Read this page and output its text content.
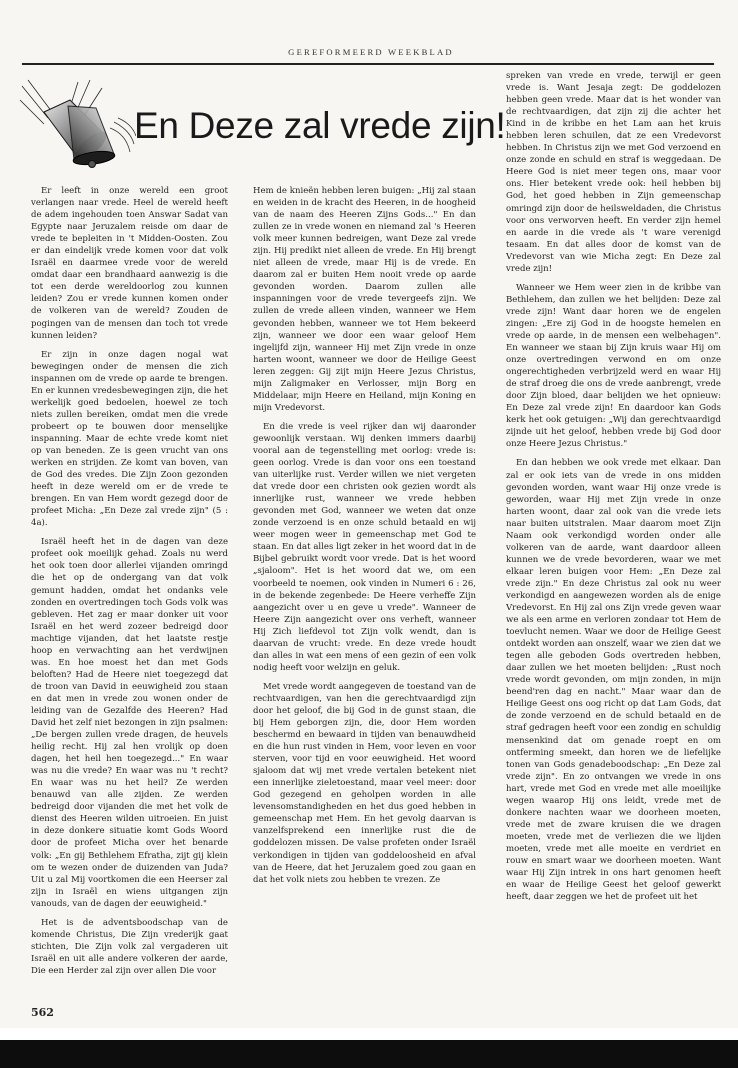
GEREFORMEERD WEEKBLAD
En Deze zal vrede zijn!

Er leeft in onze wereld een groot verlangen naar vrede. Heel de wereld heeft de adem ingehouden toen Answar Sadat van Egypte naar Jeruzalem reisde om daar de vrede te bepleiten in 't Midden-Oosten. Zou er dan eindelijk vrede komen voor dat volk Israël en daarmee vrede voor de wereld omdat daar een brandhaard aanwezig is die tot een derde wereldoorlog zou kunnen leiden? Zou er vrede kunnen komen onder de volkeren van de wereld? Zouden de pogingen van de mensen dan toch tot vrede kunnen leiden?

Er zijn in onze dagen nogal wat bewegingen onder de mensen die zich inspannen om de vrede op aarde te brengen. En er kunnen vredesbewegingen zijn, die het werkelijk goed bedoelen, hoewel ze toch niets zullen bereiken, omdat men die vrede probeert op te bouwen door menselijke inspanning. Maar de echte vrede komt niet op van beneden. Ze is geen vrucht van ons werken en strijden. Ze komt van boven, van de God des vredes. Die Zijn Zoon gezonden heeft in deze wereld om er de vrede te brengen. En van Hem wordt gezegd door de profeet Micha: „En Deze zal vrede zijn" (5 : 4a).

Israël heeft het in de dagen van deze profeet ook moeilijk gehad. Zoals nu werd het ook toen door allerlei vijanden omringd die het op de ondergang van dat volk gemunt hadden, omdat het ondanks vele zonden en overtredingen toch Gods volk was gebleven. Het zag er maar donker uit voor Israël en het werd zozeer bedreigd door machtige vijanden, dat het laatste restje hoop en verwachting aan het verdwijnen was. En hoe moest het dan met Gods beloften? Had de Heere niet toegezegd dat de troon van David in eeuwigheid zou staan en dat men in vrede zou wonen onder de leiding van de Gezalfde des Heeren? Had David het zelf niet bezongen in zijn psalmen: „De bergen zullen vrede dragen, de heuvels heilig recht. Hij zal hen vrolijk op doen dagen, het heil hen toegezegd..." En waar was nu die vrede? En waar was nu 't recht? En waar was nu het heil? Ze werden benauwd van alle zijden. Ze werden bedreigd door vijanden die met het volk de dienst des Heeren wilden uitroeien. En juist in deze donkere situatie komt Gods Woord door de profeet Micha over het benarde volk: „En gij Bethlehem Efratha, zijt gij klein om te wezen onder de duizenden van Juda? Uit u zal Mij voortkomen die een Heerser zal zijn in Israël en wiens uitgangen zijn vanouds, van de dagen der eeuwigheid."

Het is de adventsboodschap van de komende Christus, Die Zijn vrederijk gaat stichten, Die Zijn volk zal vergaderen uit Israël en uit alle andere volkeren der aarde, Die een Herder zal zijn over allen Die voor

Hem de knieën hebben leren buigen: „Hij zal staan en weiden in de kracht des Heeren, in de hoogheid van de naam des Heeren Zijns Gods..." En dan zullen ze in vrede wonen en niemand zal 's Heeren volk meer kunnen bedreigen, want Deze zal vrede zijn. Hij predikt niet alleen de vrede. En Hij brengt niet alleen de vrede, maar Hij is de vrede. En daarom zal er buiten Hem nooit vrede op aarde gevonden worden. Daarom zullen alle inspanningen voor de vrede tevergeefs zijn. We zullen de vrede alleen vinden, wanneer we Hem gevonden hebben, wanneer we tot Hem bekeerd zijn, wanneer we door een waar geloof Hem ingelijfd zijn, wanneer Hij met Zijn vrede in onze harten woont, wanneer we door de Heilige Geest leren zeggen: Gij zijt mijn Heere Jezus Christus, mijn Zaligmaker en Verlosser, mijn Borg en Middelaar, mijn Heere en Heiland, mijn Koning en mijn Vredevorst.

En die vrede is veel rijker dan wij daaronder gewoonlijk verstaan. Wij denken immers daarbij vooral aan de tegenstelling met oorlog: vrede is: geen oorlog. Vrede is dan voor ons een toestand van uiterlijke rust. Verder willen we niet vergeten dat vrede door een christen ook gezien wordt als innerlijke rust, wanneer we vrede hebben gevonden met God, wanneer we weten dat onze zonde verzoend is en onze schuld betaald en wij weer mogen weer in gemeenschap met God te staan. En dat alles ligt zeker in het woord dat in de Bijbel gebruikt wordt voor vrede. Dat is het woord „sjaloom". Het is het woord dat we, om een voorbeeld te noemen, ook vinden in Numeri 6 : 26, in de bekende zegenbede: De Heere verheffe Zijn aangezicht over u en geve u vrede". Wanneer de Heere Zijn aangezicht over ons verheft, wanneer Hij Zich liefdevol tot Zijn volk wendt, dan is daarvan de vrucht: vrede. En deze vrede houdt dan alles in wat een mens of een gezin of een volk nodig heeft voor welzijn en geluk.

Met vrede wordt aangegeven de toestand van de rechtvaardigen, van hen die gerechtvaardigd zijn door het geloof, die bij God in de gunst staan, die bij Hem geborgen zijn, die, door Hem worden beschermd en bewaard in tijden van benauwdheid en die hun rust vinden in Hem, voor leven en voor sterven, voor tijd en voor eeuwigheid. Het woord sjaloom dat wij met vrede vertalen betekent niet een innerlijke zieletoestand, maar veel meer: door God gezegend en geholpen worden in alle levensomstandigheden en het dus goed hebben in gemeenschap met Hem. En het gevolg daarvan is vanzelfsprekend een innerlijke rust die de goddelozen missen. De valse profeten onder Israël verkondigen in tijden van goddeloosheid en afval van de Heere, dat het Jeruzalem goed zou gaan en dat het volk niets zou hebben te vrezen. Ze

spreken van vrede en vrede, terwijl er geen vrede is. Want Jesaja zegt: De goddelozen hebben geen vrede. Maar dat is het wonder van de rechtvaardigen, dat zijn zij die achter het Kind in de kribbe en het Lam aan het kruis hebben leren schuilen, dat ze een Vredevorst hebben. In Christus zijn we met God verzoend en onze zonde en schuld en straf is weggedaan. De Heere God is niet meer tegen ons, maar voor ons. Hier betekent vrede ook: heil hebben bij God, het goed hebben in Zijn gemeenschap omringd zijn door de heilsweldaden, die Christus voor ons verworven heeft. En verder zijn hemel en aarde in die vrede als 't ware verenigd tesaam. En dat alles door de komst van de Vredevorst van wie Micha zegt: En Deze zal vrede zijn!

Wanneer we Hem weer zien in de kribbe van Bethlehem, dan zullen we het belijden: Deze zal vrede zijn! Want daar horen we de engelen zingen: „Ere zij God in de hoogste hemelen en vrede op aarde, in de mensen een welbehagen". En wanneer we staan bij Zijn kruis waar Hij om onze overtredingen verwond en om onze ongerechtigheden verbrijzeld werd en waar Hij de straf droeg die ons de vrede aanbrengt, vrede door Zijn bloed, daar belijden we het opnieuw: En Deze zal vrede zijn! En daardoor kan Gods kerk het ook getuigen: „Wij dan gerechtvaardigd zijnde uit het geloof, hebben vrede bij God door onze Heere Jezus Christus."

En dan hebben we ook vrede met elkaar. Dan zal er ook iets van de vrede in ons midden gevonden worden, want waar Hij onze vrede is geworden, waar Hij met Zijn vrede in onze harten woont, daar zal ook van die vrede iets naar buiten uitstralen. Maar daarom moet Zijn Naam ook verkondigd worden onder alle volkeren van de aarde, want daardoor alleen kunnen we de vrede bevorderen, waar we met elkaar leren buigen voor Hem: „En Deze zal vrede zijn." En deze Christus zal ook nu weer verkondigd en aangewezen worden als de enige Vredevorst. En Hij zal ons Zijn vrede geven waar we als een arme en verloren zondaar tot Hem de toevlucht nemen. Waar we door de Heilige Geest ontdekt worden aan onszelf, waar we zien dat we tegen alle geboden Gods overtreden hebben, daar zullen we het moeten belijden: „Rust noch vrede wordt gevonden, om mijn zonden, in mijn beend'ren dag en nacht." Maar waar dan de Heilige Geest ons oog richt op dat Lam Gods, dat de zonde verzoend en de schuld betaald en de straf gedragen heeft voor een zondig en schuldig mensenkind dat om genade roept en om ontferming smeekt, dan horen we de liefelijke tonen van Gods genadeboodschap: „En Deze zal vrede zijn". En zo ontvangen we vrede in ons hart, vrede met God en vrede met alle moeilijke wegen waarop Hij ons leidt, vrede met de donkere nachten waar we doorheen moeten, vrede met de zware kruisen die we dragen moeten, vrede met de verliezen die we lijden moeten, vrede met alle moeite en verdriet en rouw en smart waar we doorheen moeten. Want waar Hij Zijn intrek in ons hart genomen heeft en waar de Heilige Geest het geloof gewerkt heeft, daar zeggen we het de profeet uit het

562
